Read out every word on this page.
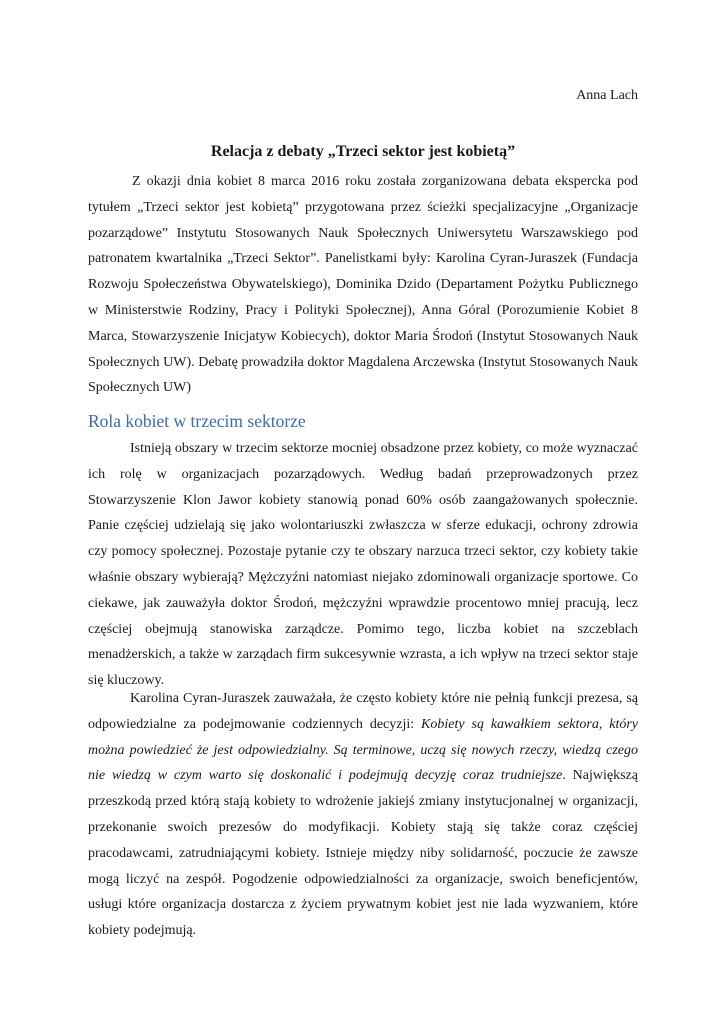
Anna Lach
Relacja z debaty „Trzeci sektor jest kobietą”

Z okazji dnia kobiet 8 marca 2016 roku została zorganizowana debata ekspercka pod tytułem „Trzeci sektor jest kobietą” przygotowana przez ścieżki specjalizacyjne „Organizacje pozarządowe” Instytutu Stosowanych Nauk Społecznych Uniwersytetu Warszawskiego pod patronatem kwartalnika „Trzeci Sektor”. Panelistkami były: Karolina Cyran-Juraszek (Fundacja Rozwoju Społeczeństwa Obywatelskiego), Dominika Dzido (Departament Pożytku Publicznego w Ministerstwie Rodziny, Pracy i Polityki Społecznej), Anna Góral (Porozumienie Kobiet 8 Marca, Stowarzyszenie Inicjatyw Kobiecych), doktor Maria Środoń (Instytut Stosowanych Nauk Społecznych UW). Debatę prowadziła doktor Magdalena Arczewska (Instytut Stosowanych Nauk Społecznych UW)

Rola kobiet w trzecim sektorze

Istnieją obszary w trzecim sektorze mocniej obsadzone przez kobiety, co może wyznaczać ich rolę w organizacjach pozarządowych. Według badań przeprowadzonych przez Stowarzyszenie Klon Jawor kobiety stanowią ponad 60% osób zaangażowanych społecznie. Panie częściej udzielają się jako wolontariuszki zwłaszcza w sferze edukacji, ochrony zdrowia czy pomocy społecznej. Pozostaje pytanie czy te obszary narzuca trzeci sektor, czy kobiety takie właśnie obszary wybierają? Mężczyźni natomiast niejako zdominowali organizacje sportowe. Co ciekawe, jak zauważyła doktor Środoń, mężczyźni wprawdzie procentowo mniej pracują, lecz częściej obejmują stanowiska zarządcze. Pomimo tego, liczba kobiet na szczeblach menadżerskich, a także w zarządach firm sukcesywnie wzrasta, a ich wpływ na trzeci sektor staje się kluczowy.

Karolina Cyran-Juraszek zauważała, że często kobiety które nie pełnią funkcji prezesa, są odpowiedzialne za podejmowanie codziennych decyzji: Kobiety są kawałkiem sektora, który można powiedzieć że jest odpowiedzialny. Są terminowe, uczą się nowych rzeczy, wiedzą czego nie wiedzą w czym warto się doskonalić i podejmują decyzję coraz trudniejsze. Największą przeszkodą przed którą stają kobiety to wdrożenie jakiejś zmiany instytucjonalnej w organizacji, przekonanie swoich prezesów do modyfikacji. Kobiety stają się także coraz częściej pracodawcami, zatrudniającymi kobiety. Istnieje między niby solidarność, poczucie że zawsze mogą liczyć na zespół. Pogodzenie odpowiedzialności za organizacje, swoich beneficjentów, usługi które organizacja dostarcza z życiem prywatnym kobiet jest nie lada wyzwaniem, które kobiety podejmują.
